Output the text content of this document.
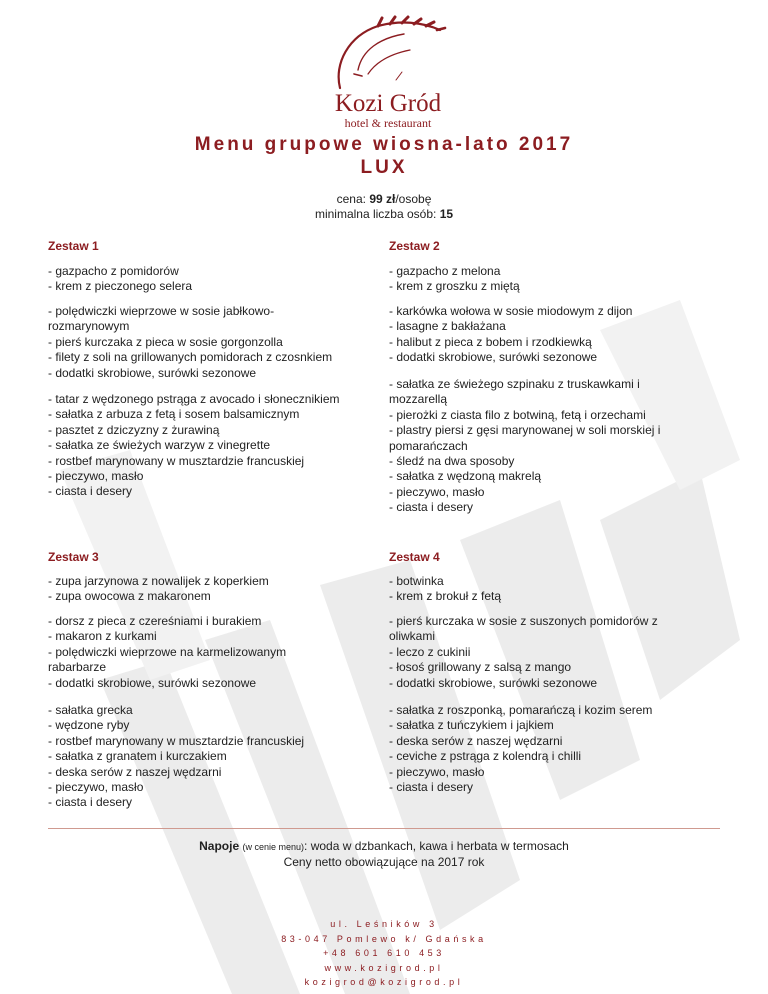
Kozi Gród
hotel & restaurant
Menu grupowe wiosna-lato 2017
LUX
cena: 99 zł/osobę
minimalna liczba osób: 15
Zestaw 1
- gazpacho z pomidorów
- krem z pieczonego selera
- polędwiczki wieprzowe w sosie jabłkowo-
rozmarynowym
- pierś kurczaka z pieca w sosie gorgonzolla
- filety z soli na grillowanych pomidorach z czosnkiem
- dodatki skrobiowe, surówki sezonowe
- tatar z wędzonego pstrąga z avocado i słonecznikiem
- sałatka z arbuza z fetą i sosem balsamicznym
- pasztet z dziczyzny z żurawiną
- sałatka ze świeżych warzyw z vinegrette
- rostbef marynowany w musztardzie francuskiej
- pieczywo, masło
- ciasta i desery
Zestaw 2
- gazpacho z melona
- krem z groszku z miętą
- karkówka wołowa w sosie miodowym z dijon
- lasagne z bakłażana
- halibut z pieca z bobem i rzodkiewką
- dodatki skrobiowe, surówki sezonowe
- sałatka ze świeżego szpinaku z truskawkami i
mozzarellą
- pierożki z ciasta filo z botwiną, fetą i orzechami
- plastry piersi z gęsi marynowanej w soli morskiej i
pomarańczach
- śledź na dwa sposoby
- sałatka z wędzoną makrelą
- pieczywo, masło
- ciasta i desery
Zestaw 3
- zupa jarzynowa z nowalijek z koperkiem
- zupa owocowa z makaronem
- dorsz z pieca z czereśniami i burakiem
- makaron z kurkami
- polędwiczki wieprzowe na karmelizowanym
rabarbarze
- dodatki skrobiowe, surówki sezonowe
- sałatka grecka
- wędzone ryby
- rostbef marynowany w musztardzie francuskiej
- sałatka z granatem i kurczakiem
- deska serów z naszej wędzarni
- pieczywo, masło
- ciasta i desery
Zestaw 4
- botwinka
- krem z brokuł z fetą
- pierś kurczaka w sosie z suszonych pomidorów z
oliwkami
- leczo z cukinii
- łosoś grillowany z salsą z mango
- dodatki skrobiowe, surówki sezonowe
- sałatka z roszponką, pomarańczą i kozim serem
- sałatka z tuńczykiem i jajkiem
- deska serów z naszej wędzarni
- ceviche z pstrąga z kolendrą i chilli
- pieczywo, masło
- ciasta i desery
Napoje (w cenie menu): woda w dzbankach, kawa i herbata w termosach
Ceny netto obowiązujące na 2017 rok
ul. Leśników 3
83-047 Pomlewo k/ Gdańska
+48 601 610 453
www.kozigrod.pl
kozigrod@kozigrod.pl
